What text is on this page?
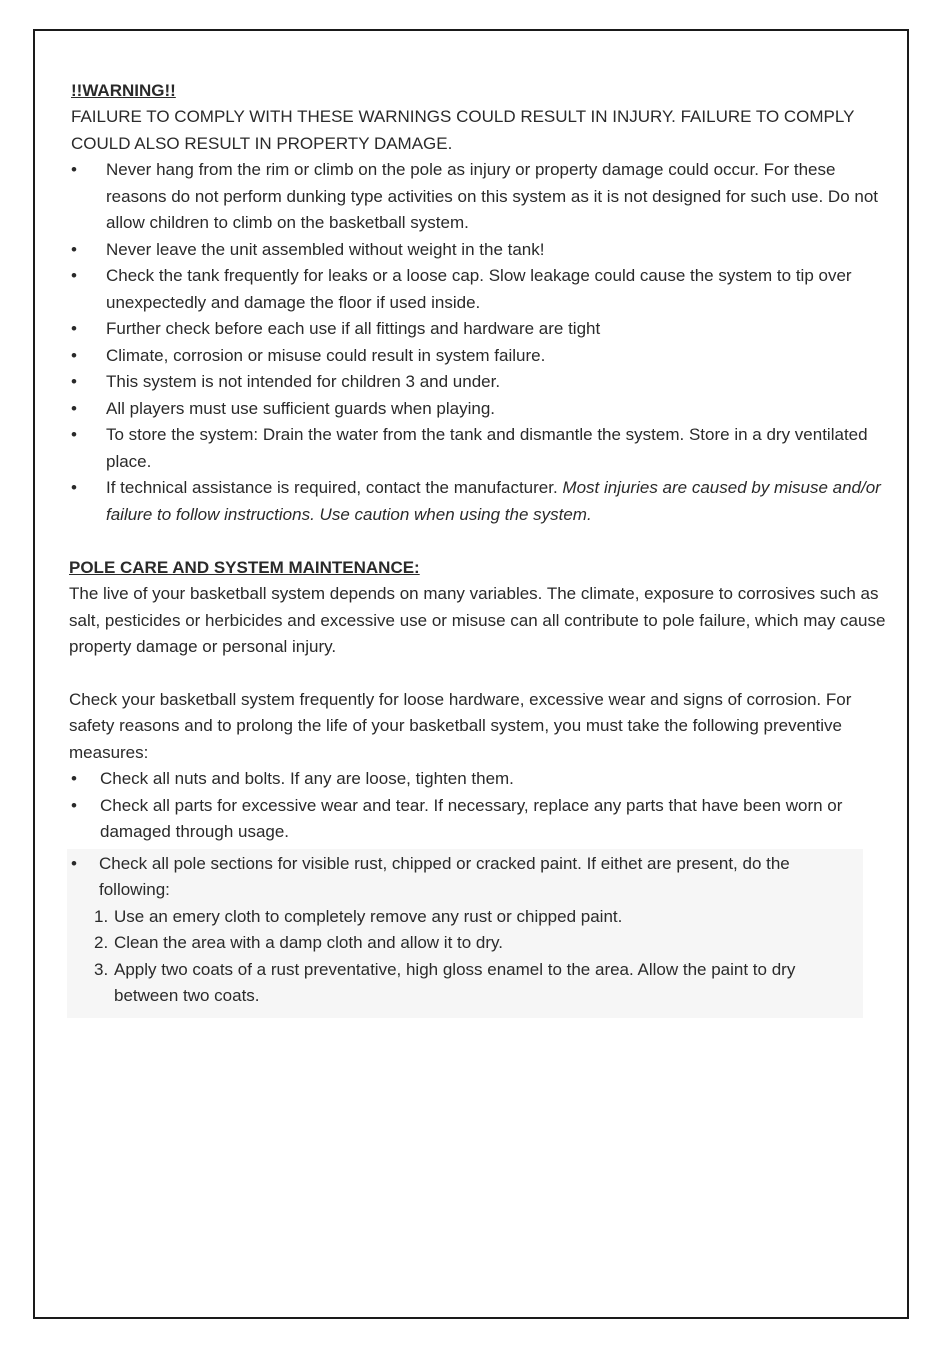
!!WARNING!!

FAILURE TO COMPLY WITH THESE WARNINGS COULD RESULT IN INJURY. FAILURE TO COMPLY COULD ALSO RESULT IN PROPERTY DAMAGE.

• Never hang from the rim or climb on the pole as injury or property damage could occur. For these reasons do not perform dunking type activities on this system as it is not designed for such use. Do not allow children to climb on the basketball system.
• Never leave the unit assembled without weight in the tank!
• Check the tank frequently for leaks or a loose cap. Slow leakage could cause the system to tip over unexpectedly and damage the floor if used inside.
• Further check before each use if all fittings and hardware are tight
• Climate, corrosion or misuse could result in system failure.
• This system is not intended for children 3 and under.
• All players must use sufficient guards when playing.
• To store the system: Drain the water from the tank and dismantle the system. Store in a dry ventilated place.
• If technical assistance is required, contact the manufacturer. Most injuries are caused by misuse and/or failure to follow instructions. Use caution when using the system.
POLE CARE AND SYSTEM MAINTENANCE:

The live of your basketball system depends on many variables. The climate, exposure to corrosives such as salt, pesticides or herbicides and excessive use or misuse can all contribute to pole failure, which may cause property damage or personal injury.

Check your basketball system frequently for loose hardware, excessive wear and signs of corrosion. For safety reasons and to prolong the life of your basketball system, you must take the following preventive measures:

• Check all nuts and bolts. If any are loose, tighten them.
• Check all parts for excessive wear and tear. If necessary, replace any parts that have been worn or damaged through usage.
• Check all pole sections for visible rust, chipped or cracked paint. If eithet are present, do the
following:
1. Use an emery cloth to completely remove any rust or chipped paint.
2. Clean the area with a damp cloth and allow it to dry.
3. Apply two coats of a rust preventative, high gloss enamel to the area. Allow the paint to dry between two coats.
